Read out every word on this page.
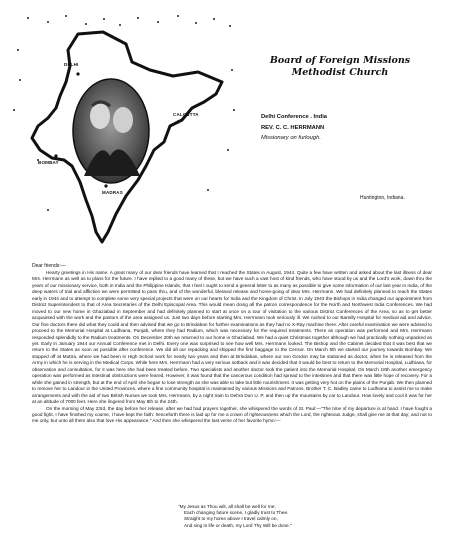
DELHI
CALCUTTA
BOMBAY
MADRAS
Board of Foreign Missions
Methodist Church
Delhi Conference . India
REV. C. C. HERRMANN
Missionary on furlough.
Huntington, Indiana.
Dear friends:—

Hearty greetings in His name. A great many of our dear friends have learned that I reached the States in August, 1944. Quite a few have written and asked about the last illness of dear Mrs. Herrmann as well as to plans for the future. I have replied to a good many of these, but we have such a vast host of kind friends, who have stood by us and the Lord's work, down thru the years of our missionary service, both in India and the Philippine Islands, that I feel I ought to send a general letter to as many as possible to give some information of our last year in India, of the deep waters of trial and affliction we were permitted to pass thru, and of the wonderful, blessed release and home-going of dear Mrs. Herrmann. We had definitely planned to reach the States early in 1944 and to attempt to complete some very special projects that were on our hearts for India and the Kingdom of Christ. In July 1943 the Bishops in India changed our appointment from District Superintendent to that of Area Secretaries of the Delhi Episcopal Area. This would mean doing all the patron correspondence for the North and Northwest India Conferences. We had moved to our new home in Ghaziabad in September and had definitely planned to start at once on a tour of visitation to the various District Conferences of the Area, so as to get better acquainted with the work and the pastors of the area assigned us. Just two days before starting Mrs. Herrmann took seriously ill. We rushed to our Bareilly Hospital for medical aid and advice. Our fine doctors there did what they could and then advised that we go to Brindaban for further examinations as they had no X-Ray machine there. After careful examination we were advised to proceed to the Memorial Hospital at Ludhiana, Punjab, where they had Radium, which was necessary for the required treatments. There an operation was performed and Mrs. Herrmann responded splendidly to the Radium treatments. On December 20th we returned to our home in Ghaziabad. We had a quiet Christmas together although we had practically nothing unpacked as yet. Early in January 1944 our Annual Conference met in Delhi. Every one was surprised to see how well Mrs. Herrmann looked. The Bishop and the Cabinet decided that it was best that we return to the States as soon as possible after conference. We did all our repacking and shipped the first baggage to the Censor. On March 5th we started our journey towards Bombay. We stopped off at Muttra, where we had been in High School work for nearly two years and then at Brindaban, where our son Gordon may be stationed as doctor, when he is released from the Army in which he is serving in the Medical Corps. While here Mrs. Herrmann had a very serious setback and it was decided that it would be best to return to the Memorial Hospital, Ludhiana, for observation and consultation, for it was here she had been treated before. Two specialists and another doctor took the patient into the Memorial Hospital. On March 18th another emergency operation was performed as intestinal obstructions were feared. However, it was found that the cancerous condition had spread to the intestines and that there was little hope of recovery. For a while she gained in strength, but at the end of April she began to lose strength as she was able to take but little nourishment. It was getting very hot on the plains of the Punjab. We then planned to remove her to Landour in the United Provinces, where a fine community hospital is maintained by various Missions and Patrons. Brother T. C. Badley came to Ludhiana to assist me to make arrangements and with the aid of two British Nurses we took Mrs. Herrmann, by a night train to Dehra Dun U. P. and then up the mountains by car to Landour. How lovely and cool it was for her at an altitude of 7000 feet. Here she lingered from May 8th to the 24th.

On the morning of May 23rd, the day before her release, after we had had prayers together, she whispered the words of St. Paul:—"The time of my departure is at hand. I have fought a good fight, I have finished my course, I have kept the faith: henceforth there is laid up for me a crown of righteousness which the Lord, the righteous Judge, shall give me at that day; and not to me only, but unto all them also that love His appearance." And then she whispered the last verse of her favorite hymn:—

"My Jesus as Thou wilt, all shall be well for me;
Each changing future scene, I gladly trust to Thee.
Straight to my home above I travel calmly on,
And sing in life or death, my Lord Thy Will be done."
